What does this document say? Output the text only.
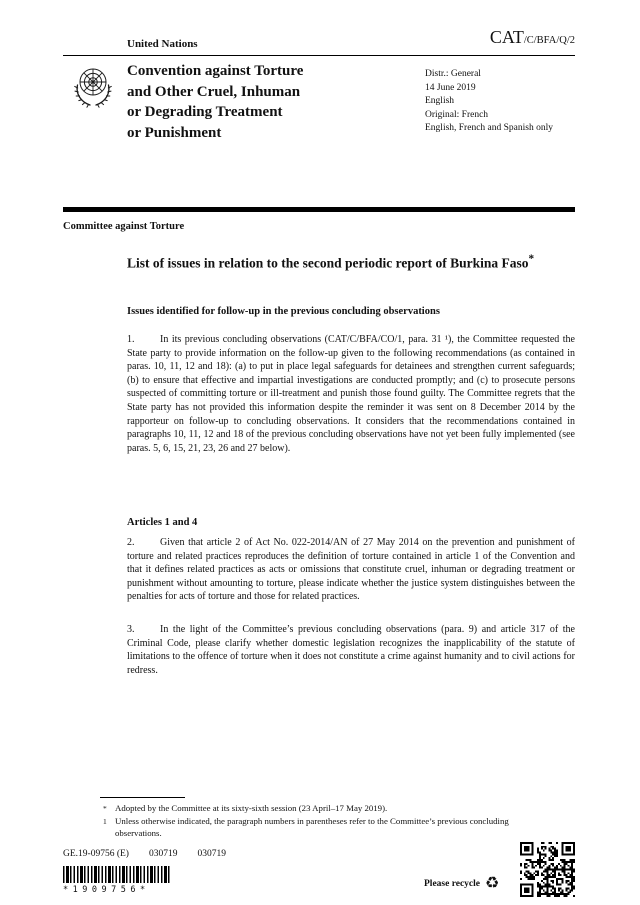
United Nations	CAT/C/BFA/Q/2
Convention against Torture
and Other Cruel, Inhuman
or Degrading Treatment
or Punishment
Distr.: General
14 June 2019
English
Original: French
English, French and Spanish only
Committee against Torture
List of issues in relation to the second periodic report of Burkina Faso*
Issues identified for follow-up in the previous concluding observations
1.	In its previous concluding observations (CAT/C/BFA/CO/1, para. 31 ¹), the Committee requested the State party to provide information on the follow-up given to the following recommendations (as contained in paras. 10, 11, 12 and 18): (a) to put in place legal safeguards for detainees and strengthen current safeguards; (b) to ensure that effective and impartial investigations are conducted promptly; and (c) to prosecute persons suspected of committing torture or ill-treatment and punish those found guilty. The Committee regrets that the State party has not provided this information despite the reminder it was sent on 8 December 2014 by the rapporteur on follow-up to concluding observations. It considers that the recommendations contained in paragraphs 10, 11, 12 and 18 of the previous concluding observations have not yet been fully implemented (see paras. 5, 6, 15, 21, 23, 26 and 27 below).
Articles 1 and 4
2.	Given that article 2 of Act No. 022-2014/AN of 27 May 2014 on the prevention and punishment of torture and related practices reproduces the definition of torture contained in article 1 of the Convention and that it defines related practices as acts or omissions that constitute cruel, inhuman or degrading treatment or punishment without amounting to torture, please indicate whether the justice system distinguishes between the penalties for acts of torture and those for related practices.
3.	In the light of the Committee’s previous concluding observations (para. 9) and article 317 of the Criminal Code, please clarify whether domestic legislation recognizes the inapplicability of the statute of limitations to the offence of torture when it does not constitute a crime against humanity and to civil actions for redress.
* Adopted by the Committee at its sixty-sixth session (23 April–17 May 2019).
1 Unless otherwise indicated, the paragraph numbers in parentheses refer to the Committee’s previous concluding observations.
GE.19-09756 (E) 030719 030719
*1909756*
Please recycle ♻
